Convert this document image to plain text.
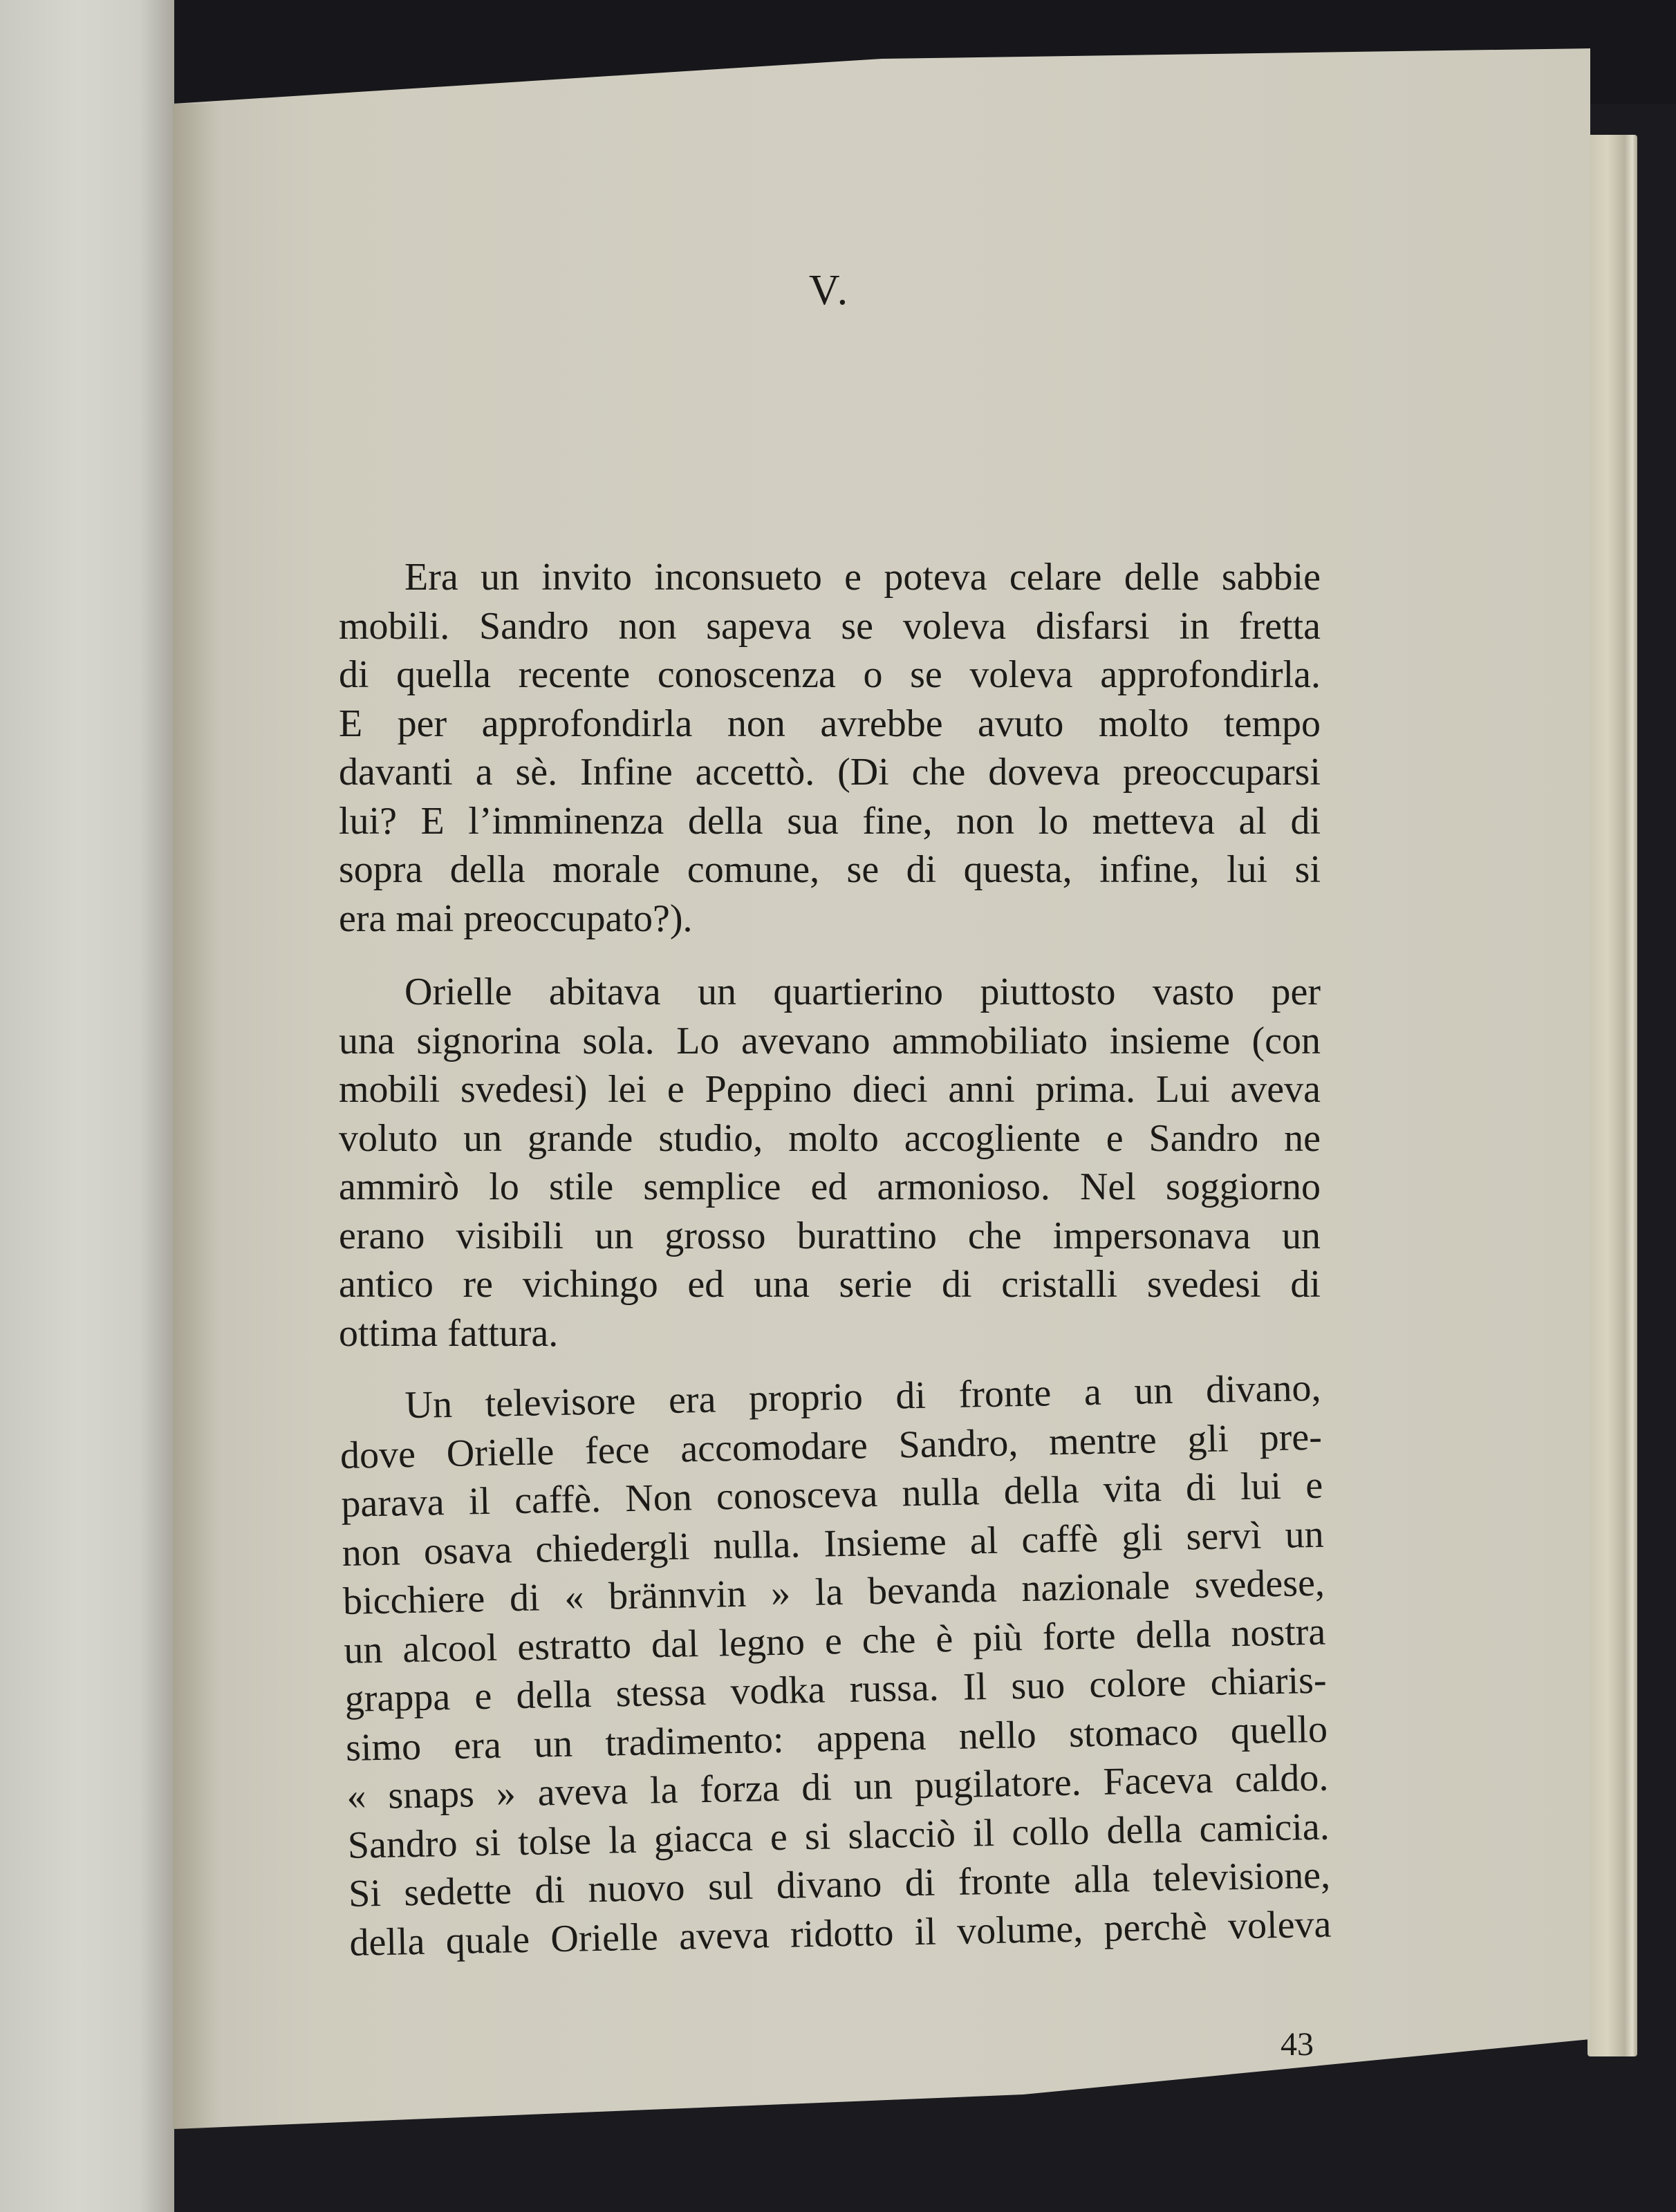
V.
Era un invito inconsueto e poteva celare delle sabbie
mobili. Sandro non sapeva se voleva disfarsi in fretta
di quella recente conoscenza o se voleva approfondirla.
E per approfondirla non avrebbe avuto molto tempo
davanti a sè. Infine accettò. (Di che doveva preoccuparsi
lui? E l’imminenza della sua fine, non lo metteva al di
sopra della morale comune, se di questa, infine, lui si
era mai preoccupato?).
Orielle abitava un quartierino piuttosto vasto per
una signorina sola. Lo avevano ammobiliato insieme (con
mobili svedesi) lei e Peppino dieci anni prima. Lui aveva
voluto un grande studio, molto accogliente e Sandro ne
ammirò lo stile semplice ed armonioso. Nel soggiorno
erano visibili un grosso burattino che impersonava un
antico re vichingo ed una serie di cristalli svedesi di
ottima fattura.
Un televisore era proprio di fronte a un divano,
dove Orielle fece accomodare Sandro, mentre gli pre-
parava il caffè. Non conosceva nulla della vita di lui e
non osava chiedergli nulla. Insieme al caffè gli servì un
bicchiere di « brännvin » la bevanda nazionale svedese,
un alcool estratto dal legno e che è più forte della nostra
grappa e della stessa vodka russa. Il suo colore chiaris-
simo era un tradimento: appena nello stomaco quello
« snaps » aveva la forza di un pugilatore. Faceva caldo.
Sandro si tolse la giacca e si slacciò il collo della camicia.
Si sedette di nuovo sul divano di fronte alla televisione,
della quale Orielle aveva ridotto il volume, perchè voleva
43
